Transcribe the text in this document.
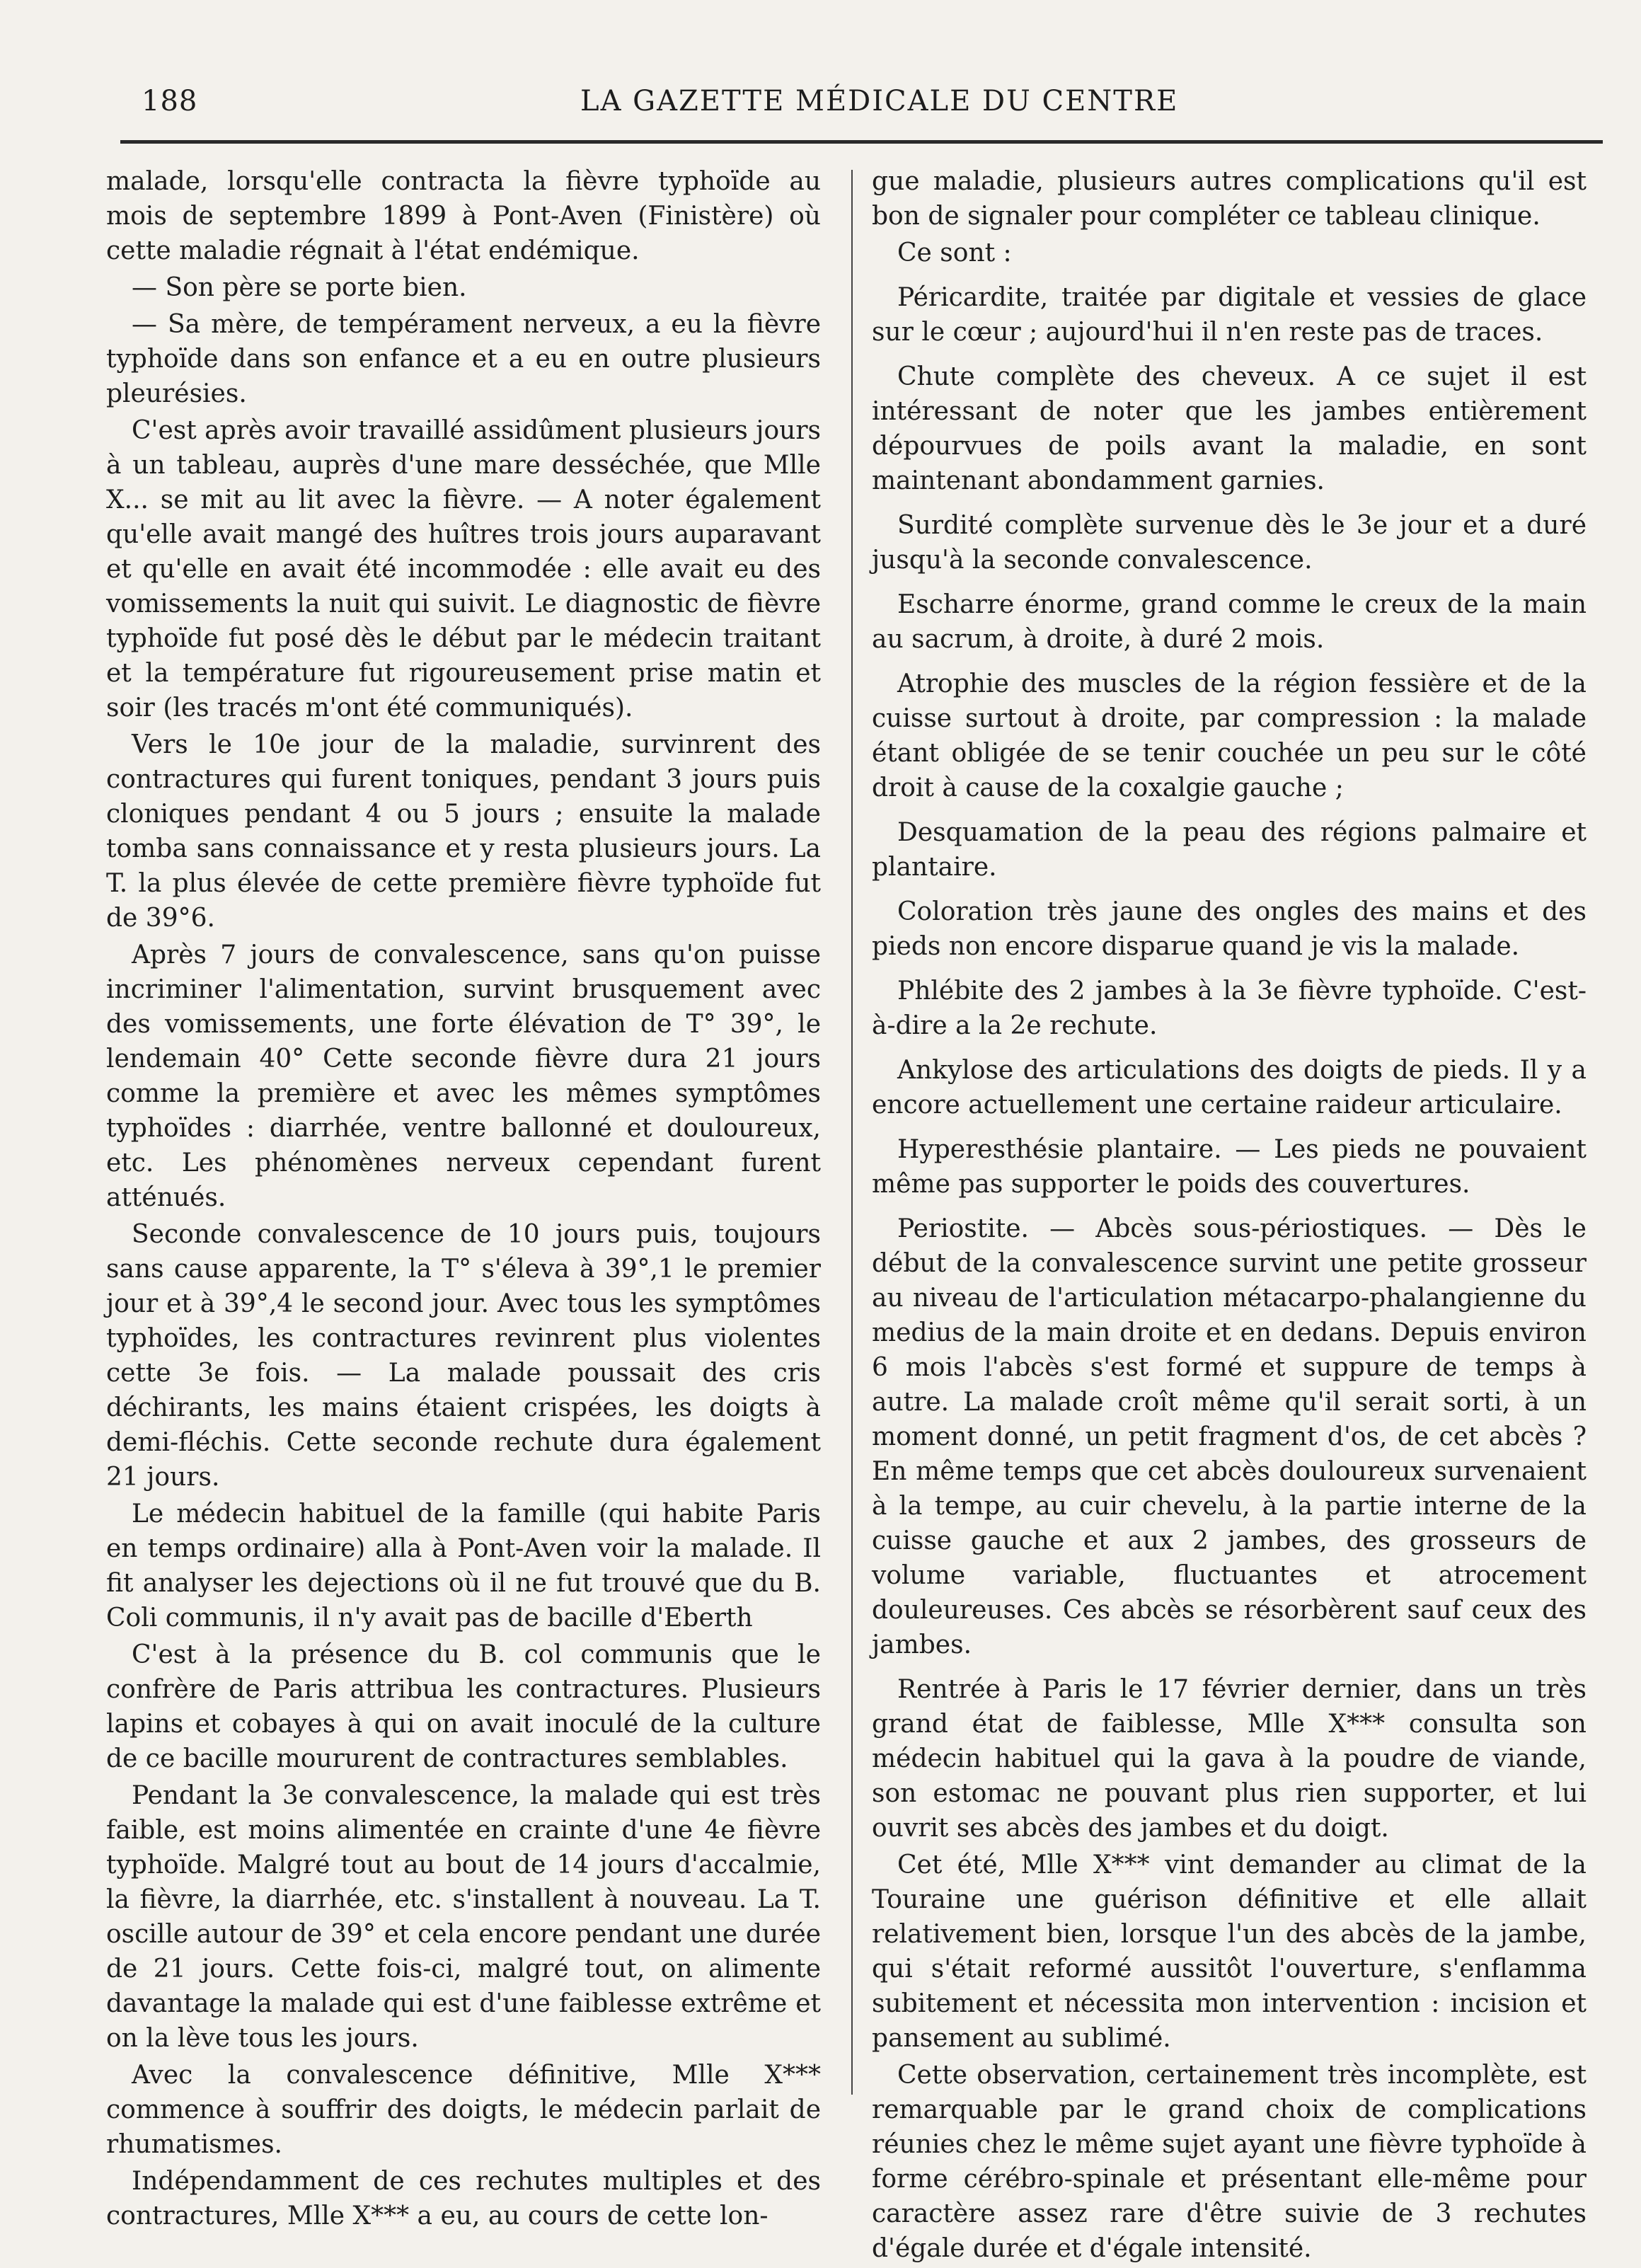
188	LA GAZETTE MÉDICALE DU CENTRE

malade, lorsqu'elle contracta la fièvre typhoïde au mois de septembre 1899 à Pont-Aven (Finistère) où cette maladie régnait à l'état endémique.

— Son père se porte bien.

— Sa mère, de tempérament nerveux, a eu la fièvre typhoïde dans son enfance et a eu en outre plusieurs pleurésies.

C'est après avoir travaillé assidûment plusieurs jours à un tableau, auprès d'une mare desséchée, que Mlle X... se mit au lit avec la fièvre. — A noter également qu'elle avait mangé des huîtres trois jours auparavant et qu'elle en avait été incommodée : elle avait eu des vomissements la nuit qui suivit. Le diagnostic de fièvre typhoïde fut posé dès le début par le médecin traitant et la température fut rigoureusement prise matin et soir (les tracés m'ont été communiqués).

Vers le 10e jour de la maladie, survinrent des contractures qui furent toniques, pendant 3 jours puis cloniques pendant 4 ou 5 jours ; ensuite la malade tomba sans connaissance et y resta plusieurs jours. La T. la plus élevée de cette première fièvre typhoïde fut de 39°6.

Après 7 jours de convalescence, sans qu'on puisse incriminer l'alimentation, survint brusquement avec des vomissements, une forte élévation de T° 39°, le lendemain 40° Cette seconde fièvre dura 21 jours comme la première et avec les mêmes symptômes typhoïdes : diarrhée, ventre ballonné et douloureux, etc. Les phénomènes nerveux cependant furent atténués.

Seconde convalescence de 10 jours puis, toujours sans cause apparente, la T° s'éleva à 39°,1 le premier jour et à 39°,4 le second jour. Avec tous les symptômes typhoïdes, les contractures revinrent plus violentes cette 3e fois. — La malade poussait des cris déchirants, les mains étaient crispées, les doigts à demi-fléchis. Cette seconde rechute dura également 21 jours.

Le médecin habituel de la famille (qui habite Paris en temps ordinaire) alla à Pont-Aven voir la malade. Il fit analyser les dejections où il ne fut trouvé que du B. Coli communis, il n'y avait pas de bacille d'Eberth

C'est à la présence du B. col communis que le confrère de Paris attribua les contractures. Plusieurs lapins et cobayes à qui on avait inoculé de la culture de ce bacille moururent de contractures semblables.

Pendant la 3e convalescence, la malade qui est très faible, est moins alimentée en crainte d'une 4e fièvre typhoïde. Malgré tout au bout de 14 jours d'accalmie, la fièvre, la diarrhée, etc. s'installent à nouveau. La T. oscille autour de 39° et cela encore pendant une durée de 21 jours. Cette fois-ci, malgré tout, on alimente davantage la malade qui est d'une faiblesse extrême et on la lève tous les jours.

Avec la convalescence définitive, Mlle X*** commence à souffrir des doigts, le médecin parlait de rhumatismes.

Indépendamment de ces rechutes multiples et des contractures, Mlle X*** a eu, au cours de cette lon-

gue maladie, plusieurs autres complications qu'il est bon de signaler pour compléter ce tableau clinique.

Ce sont :

Péricardite, traitée par digitale et vessies de glace sur le cœur ; aujourd'hui il n'en reste pas de traces.

Chute complète des cheveux. A ce sujet il est intéressant de noter que les jambes entièrement dépourvues de poils avant la maladie, en sont maintenant abondamment garnies.

Surdité complète survenue dès le 3e jour et a duré jusqu'à la seconde convalescence.

Escharre énorme, grand comme le creux de la main au sacrum, à droite, à duré 2 mois.

Atrophie des muscles de la région fessière et de la cuisse surtout à droite, par compression : la malade étant obligée de se tenir couchée un peu sur le côté droit à cause de la coxalgie gauche ;

Desquamation de la peau des régions palmaire et plantaire.

Coloration très jaune des ongles des mains et des pieds non encore disparue quand je vis la malade.

Phlébite des 2 jambes à la 3e fièvre typhoïde. C'est-à-dire a la 2e rechute.

Ankylose des articulations des doigts de pieds. Il y a encore actuellement une certaine raideur articulaire.

Hyperesthésie plantaire. — Les pieds ne pouvaient même pas supporter le poids des couvertures.

Periostite. — Abcès sous-périostiques. — Dès le début de la convalescence survint une petite grosseur au niveau de l'articulation métacarpo-phalangienne du medius de la main droite et en dedans. Depuis environ 6 mois l'abcès s'est formé et suppure de temps à autre. La malade croît même qu'il serait sorti, à un moment donné, un petit fragment d'os, de cet abcès ? En même temps que cet abcès douloureux survenaient à la tempe, au cuir chevelu, à la partie interne de la cuisse gauche et aux 2 jambes, des grosseurs de volume variable, fluctuantes et atrocement douleureuses. Ces abcès se résorbèrent sauf ceux des jambes.

Rentrée à Paris le 17 février dernier, dans un très grand état de faiblesse, Mlle X*** consulta son médecin habituel qui la gava à la poudre de viande, son estomac ne pouvant plus rien supporter, et lui ouvrit ses abcès des jambes et du doigt.

Cet été, Mlle X*** vint demander au climat de la Touraine une guérison définitive et elle allait relativement bien, lorsque l'un des abcès de la jambe, qui s'était reformé aussitôt l'ouverture, s'enflamma subitement et nécessita mon intervention : incision et pansement au sublimé.

Cette observation, certainement très incomplète, est remarquable par le grand choix de complications réunies chez le même sujet ayant une fièvre typhoïde à forme cérébro-spinale et présentant elle-même pour caractère assez rare d'être suivie de 3 rechutes d'égale durée et d'égale intensité.
